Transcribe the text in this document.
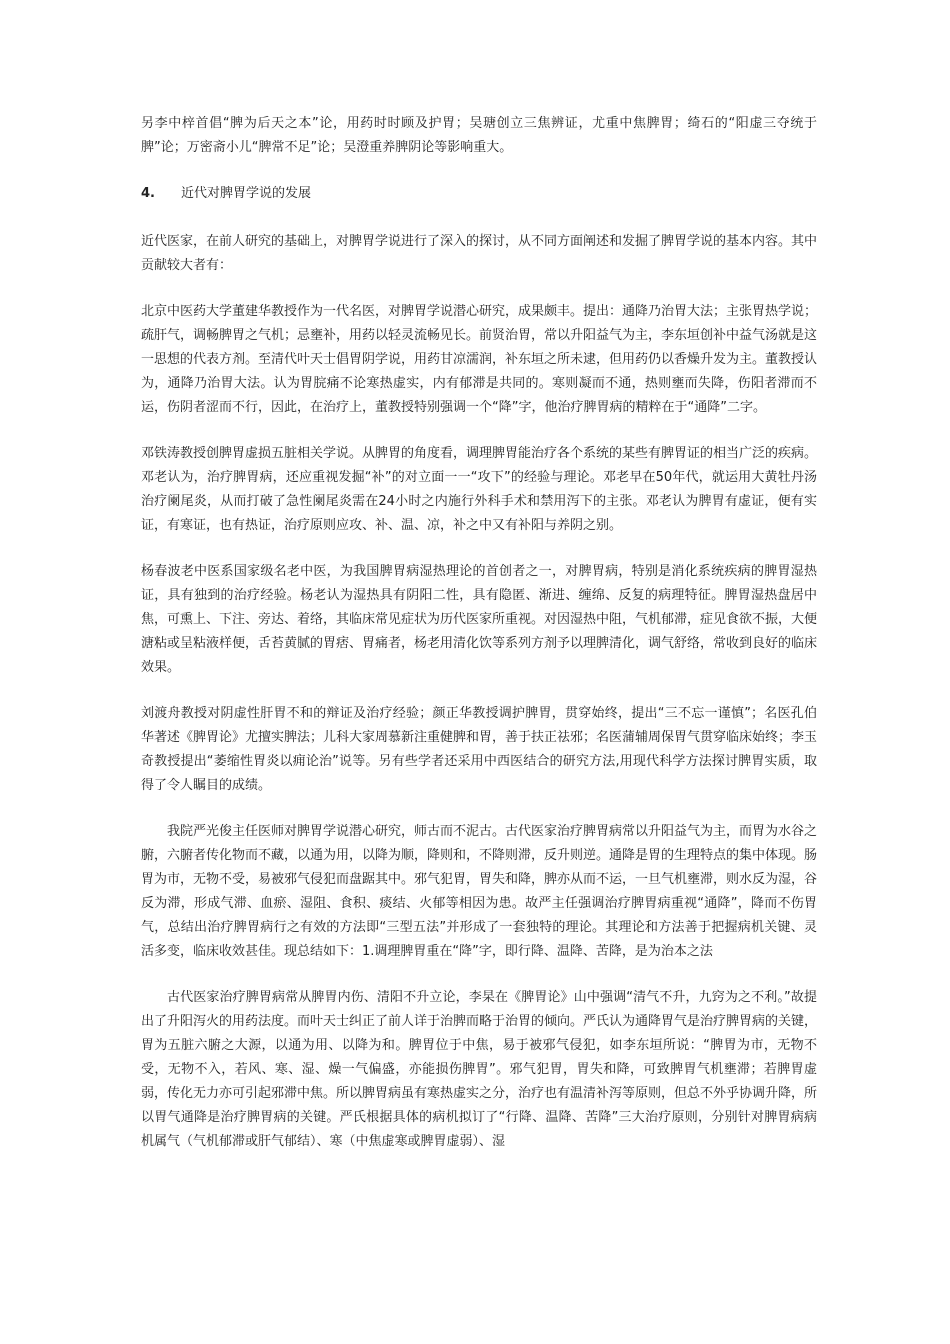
另李中梓首倡“脾为后天之本”论，用药时时顾及护胃；吴瑭创立三焦辨证，尤重中焦脾胃；绮石的“阳虚三夺统于脾”论；万密斋小儿“脾常不足”论；吴澄重养脾阴论等影响重大。

4.	近代对脾胃学说的发展

近代医家，在前人研究的基础上，对脾胃学说进行了深入的探讨，从不同方面阐述和发掘了脾胃学说的基本内容。其中贡献较大者有：

北京中医药大学董建华教授作为一代名医，对脾胃学说潜心研究，成果颇丰。提出：通降乃治胃大法；主张胃热学说；疏肝气，调畅脾胃之气机；忌壅补，用药以轻灵流畅见长。前贤治胃，常以升阳益气为主，李东垣创补中益气汤就是这一思想的代表方剂。至清代叶天士倡胃阴学说，用药甘凉濡润，补东垣之所未逮，但用药仍以香燥升发为主。董教授认为，通降乃治胃大法。认为胃脘痛不论寒热虚实，内有郁滞是共同的。寒则凝而不通，热则壅而失降，伤阳者滞而不运，伤阴者涩而不行，因此，在治疗上，董教授特别强调一个“降”字，他治疗脾胃病的精粹在于“通降”二字。

邓铁涛教授创脾胃虚损五脏相关学说。从脾胃的角度看，调理脾胃能治疗各个系统的某些有脾胃证的相当广泛的疾病。邓老认为，治疗脾胃病，还应重视发掘“补”的对立面一一“攻下”的经验与理论。邓老早在50年代，就运用大黄牡丹汤治疗阑尾炎，从而打破了急性阑尾炎需在24小时之内施行外科手术和禁用泻下的主张。邓老认为脾胃有虚证，便有实证，有寒证，也有热证，治疗原则应攻、补、温、凉，补之中又有补阳与养阴之别。

杨春波老中医系国家级名老中医，为我国脾胃病湿热理论的首创者之一，对脾胃病，特别是消化系统疾病的脾胃湿热证，具有独到的治疗经验。杨老认为湿热具有阴阳二性，具有隐匿、渐进、缠绵、反复的病理特征。脾胃湿热盘居中焦，可熏上、下注、旁达、着络，其临床常见症状为历代医家所重视。对因湿热中阻，气机郁滞，症见食欲不振，大便溏粘或呈粘液样便，舌苔黄腻的胃痞、胃痛者，杨老用清化饮等系列方剂予以理脾清化，调气舒络，常收到良好的临床效果。

刘渡舟教授对阴虚性肝胃不和的辩证及治疗经验；颜正华教授调护脾胃，贯穿始终，提出“三不忘一谨慎”；名医孔伯华著述《脾胃论》尤擅实脾法；儿科大家周慕新注重健脾和胃，善于扶正祛邪；名医蒲辅周保胃气贯穿临床始终；李玉奇教授提出“萎缩性胃炎以痈论治”说等。另有些学者还采用中西医结合的研究方法,用现代科学方法探讨脾胃实质，取得了令人瞩目的成绩。

我院严光俊主任医师对脾胃学说潜心研究，师古而不泥古。古代医家治疗脾胃病常以升阳益气为主，而胃为水谷之腑，六腑者传化物而不藏，以通为用，以降为顺，降则和，不降则滞，反升则逆。通降是胃的生理特点的集中体现。肠胃为市，无物不受，易被邪气侵犯而盘踞其中。邪气犯胃，胃失和降，脾亦从而不运，一旦气机壅滞，则水反为湿，谷反为滞，形成气滞、血瘀、湿阻、食积、痰结、火郁等相因为患。故严主任强调治疗脾胃病重视“通降”，降而不伤胃气，总结出治疗脾胃病行之有效的方法即“三型五法”并形成了一套独特的理论。其理论和方法善于把握病机关键、灵活多变，临床收效甚佳。现总结如下：1.调理脾胃重在“降”字，即行降、温降、苦降，是为治本之法

古代医家治疗脾胃病常从脾胃内伤、清阳不升立论，李杲在《脾胃论》山中强调“清气不升，九窍为之不利。”故提出了升阳泻火的用药法度。而叶天士纠正了前人详于治脾而略于治胃的倾向。严氏认为通降胃气是治疗脾胃病的关键，胃为五脏六腑之大源，以通为用、以降为和。脾胃位于中焦，易于被邪气侵犯，如李东垣所说：“脾胃为市，无物不受，无物不入，若风、寒、湿、燥一气偏盛，亦能损伤脾胃”。邪气犯胃，胃失和降，可致脾胃气机壅滞；若脾胃虚弱，传化无力亦可引起邪滞中焦。所以脾胃病虽有寒热虚实之分，治疗也有温清补泻等原则，但总不外乎协调升降，所以胃气通降是治疗脾胃病的关键。严氏根据具体的病机拟订了“行降、温降、苦降”三大治疗原则，分别针对脾胃病病机属气（气机郁滞或肝气郁结）、寒（中焦虚寒或脾胃虚弱）、湿
